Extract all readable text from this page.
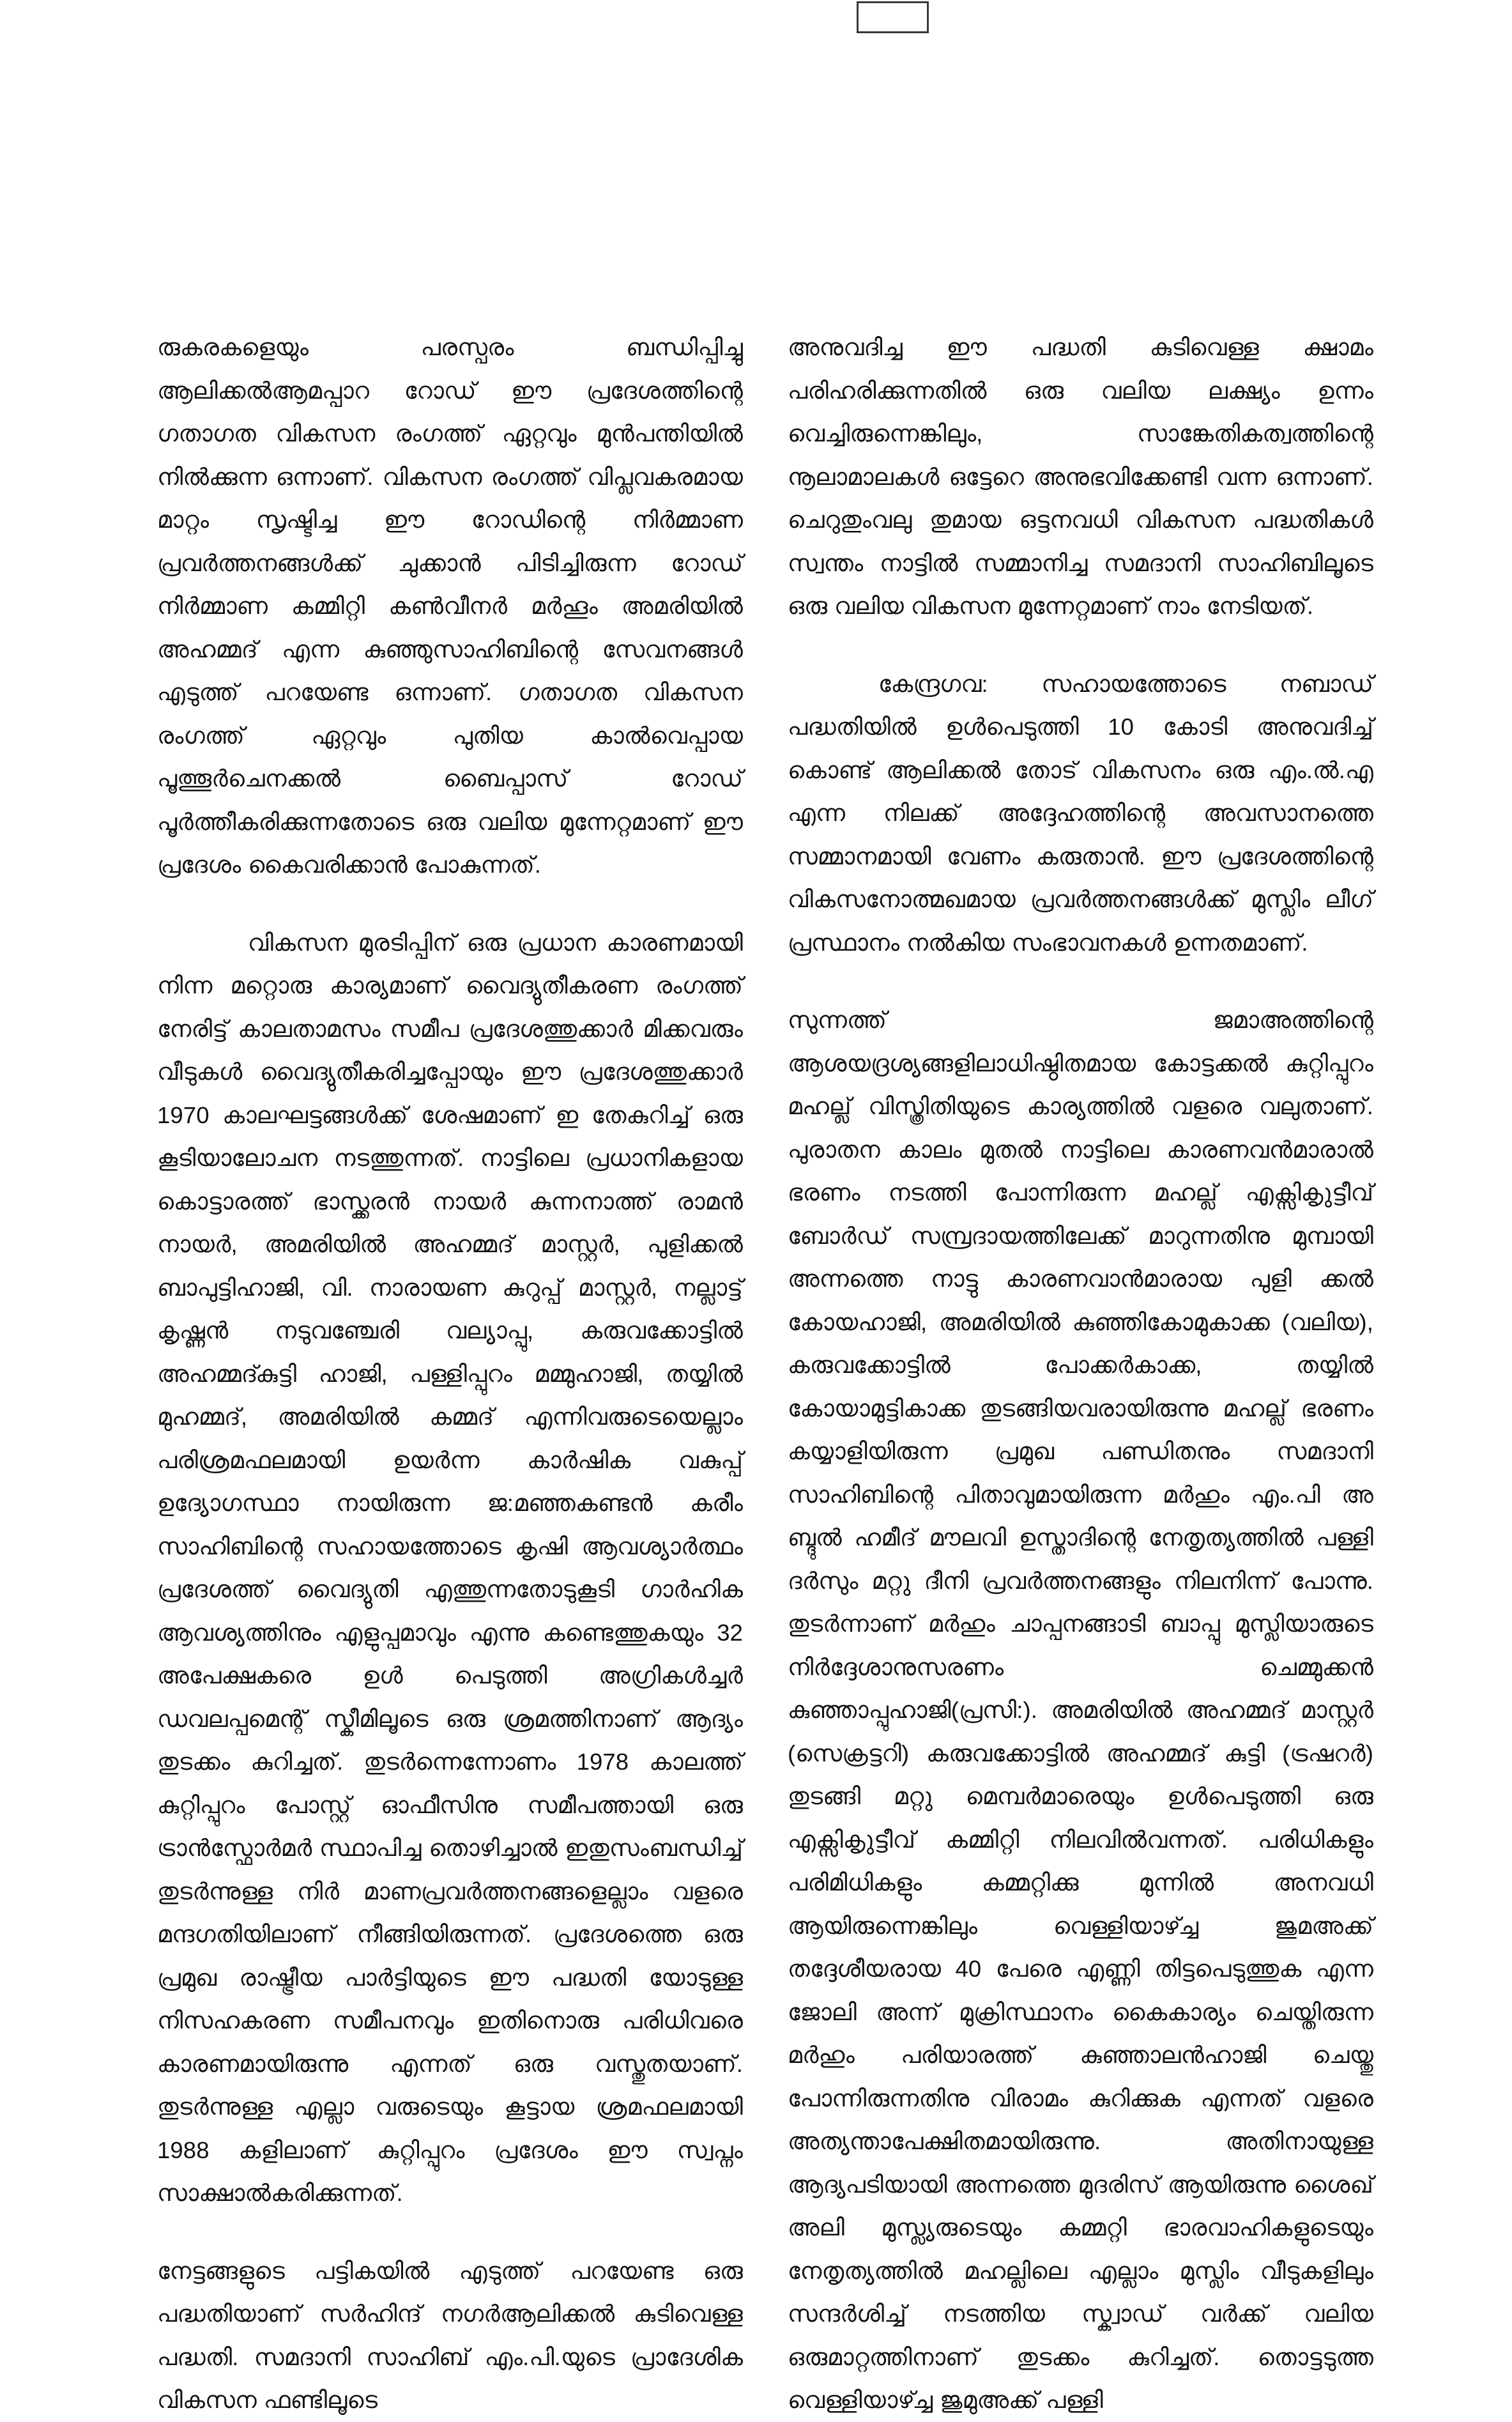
രുകരകളെയും പരസ്പരം ബന്ധിപ്പിച്ചു ആലിക്കൽആമപ്പാറ റോഡ് ഈ പ്രദേശത്തിന്റെ ഗതാഗത വികസന രംഗത്ത് ഏറ്റവും മുൻപന്തിയിൽ നിൽക്കുന്ന ഒന്നാണ്. വികസന രംഗത്ത് വിപ്ലവകരമായ മാറ്റം സൃഷ്ടിച്ച ഈ റോഡിന്റെ നിർമ്മാണ പ്രവർത്തനങ്ങൾക്ക് ചുക്കാൻ പിടിച്ചിരുന്ന റോഡ് നിർമ്മാണ കമ്മിറ്റി കൺവീനർ മർഹൂം അമരിയിൽ അഹമ്മദ് എന്ന കുഞ്ഞുസാഹിബിന്റെ സേവനങ്ങൾ എടുത്ത് പറയേണ്ട ഒന്നാണ്. ഗതാഗത വികസന രംഗത്ത് ഏറ്റവും പുതിയ കാൽവെപ്പായ പൂത്തൂർചെനക്കൽ ബൈപ്പാസ് റോഡ് പൂർത്തീകരിക്കുന്നതോടെ ഒരു വലിയ മുന്നേറ്റമാണ് ഈ പ്രദേശം കൈവരിക്കാൻ പോകുന്നത്.

വികസന മുരടിപ്പിന് ഒരു പ്രധാന കാരണമായി നിന്ന മറ്റൊരു കാര്യമാണ് വൈദ്യുതീകരണ രംഗത്ത് നേരിട്ട് കാലതാമസം സമീപ പ്രദേശത്തുക്കാർ മിക്കവരും വീടുകൾ വൈദ്യുതീകരിച്ചപ്പോയും ഈ പ്രദേശത്തുക്കാർ 1970 കാലഘട്ടങ്ങൾക്ക് ശേഷമാണ് ഇ തേകുറിച്ച് ഒരു കൂടിയാലോചന നടത്തുന്നത്. നാട്ടിലെ പ്രധാനികളായ കൊട്ടാരത്ത് ഭാസ്ക്കരൻ നായർ കുന്നനാത്ത് രാമൻ നായർ, അമരിയിൽ അഹമ്മദ് മാസ്റ്റർ, പുളിക്കൽ ബാപുട്ടിഹാജി, വി. നാരായണ കുറുപ്പ് മാസ്റ്റർ, നല്ലാട്ട് കൃഷ്ണൻ നടുവഞ്ചേരി വല്യാപ്പു, കരുവക്കോട്ടിൽ അഹമ്മദ്കുട്ടി ഹാജി, പള്ളിപ്പുറം മമ്മുഹാജി, തയ്യിൽ മുഹമ്മദ്, അമരിയിൽ കമ്മദ് എന്നിവരുടെയെല്ലാം പരിശ്രമഫലമായി ഉയർന്ന കാർഷിക വകുപ്പ് ഉദ്യോഗസ്ഥാ നായിരുന്ന ജ:മഞ്ഞകണ്ടൻ കരീം സാഹിബിന്റെ സഹായത്തോടെ കൃഷി ആവശ്യാർത്ഥം പ്രദേശത്ത് വൈദ്യുതി എത്തുന്നതോടുകൂടി ഗാർഹിക ആവശ്യത്തിനും എളുപ്പമാവും എന്നു കണ്ടെത്തുകയും 32 അപേക്ഷകരെ ഉൾ പെടുത്തി അഗ്രികൾച്ചർ ഡവലപ്പമെന്റ് സ്കീമിലൂടെ ഒരു ശ്രമത്തിനാണ് ആദ്യം തുടക്കം കുറിച്ചത്. തുടർന്നെന്നോണം 1978 കാലത്ത് കുറ്റിപ്പുറം പോസ്റ്റ് ഓഫീസിനു സമീപത്തായി ഒരു ട്രാൻസ്ഫോർമർ സ്ഥാപിച്ച തൊഴിച്ചാൽ ഇതുസംബന്ധിച്ച് തുടർന്നുള്ള നിർ മാണപ്രവർത്തനങ്ങളെല്ലാം വളരെ മന്ദഗതിയിലാണ് നീങ്ങിയിരുന്നത്. പ്രദേശത്തെ ഒരു പ്രമുഖ രാഷ്ട്രീയ പാർട്ടിയുടെ ഈ പദ്ധതി യോടുള്ള നിസഹകരണ സമീപനവും ഇതിനൊരു പരിധിവരെ കാരണമായിരുന്നു എന്നത് ഒരു വസ്തുതയാണ്. തുടർന്നുള്ള എല്ലാ വരുടെയും കൂട്ടായ ശ്രമഫലമായി 1988 കളിലാണ് കുറ്റിപ്പുറം പ്രദേശം ഈ സ്വപ്നം സാക്ഷാൽകരിക്കുന്നത്.

നേട്ടങ്ങളുടെ പട്ടികയിൽ എടുത്ത് പറയേണ്ട ഒരു പദ്ധതിയാണ് സർഹിന്ദ് നഗർആലിക്കൽ കുടിവെള്ള പദ്ധതി. സമദാനി സാഹിബ് എം.പി.യുടെ പ്രാദേശിക വികസന ഫണ്ടിലൂടെ

അനുവദിച്ച ഈ പദ്ധതി കുടിവെള്ള ക്ഷാമം പരിഹരിക്കുന്നതിൽ ഒരു വലിയ ലക്ഷ്യം ഉന്നം വെച്ചിരുന്നെങ്കിലും, സാങ്കേതികത്വത്തിന്റെ നൂലാമാലകൾ ഒട്ടേറെ അനുഭവിക്കേണ്ടി വന്ന ഒന്നാണ്. ചെറുതുംവലു തുമായ ഒട്ടനവധി വികസന പദ്ധതികൾ സ്വന്തം നാട്ടിൽ സമ്മാനിച്ച സമദാനി സാഹിബിലൂടെ ഒരു വലിയ വികസന മുന്നേറ്റമാണ് നാം നേടിയത്.

കേന്ദ്രഗവ: സഹായത്തോടെ നബാഡ് പദ്ധതിയിൽ ഉൾപെടുത്തി 10 കോടി അനുവദിച്ച് കൊണ്ട് ആലിക്കൽ തോട് വികസനം ഒരു എം.ൽ.എ എന്ന നിലക്ക് അദ്ദേഹത്തിന്റെ അവസാനത്തെ സമ്മാനമായി വേണം കരുതാൻ. ഈ പ്രദേശത്തിന്റെ വികസനോത്മഖമായ പ്രവർത്തനങ്ങൾക്ക് മുസ്ലിം ലീഗ് പ്രസ്ഥാനം നൽകിയ സംഭാവനകൾ ഉന്നതമാണ്.

സുന്നത്ത് ജമാഅത്തിന്റെ ആശയദ്രശ്യങ്ങളിലാധിഷ്ഠിതമായ കോട്ടക്കൽ കുറ്റിപ്പുറം മഹല്ല് വിസ്ത്രിതിയുടെ കാര്യത്തിൽ വളരെ വലുതാണ്. പുരാതന കാലം മുതൽ നാട്ടിലെ കാരണവൻമാരാൽ ഭരണം നടത്തി പോന്നിരുന്ന മഹല്ല് എക്സികൃുട്ടീവ് ബോർഡ് സമ്പ്രദായത്തിലേക്ക് മാറുന്നതിനു മുമ്പായി അന്നത്തെ നാട്ടു കാരണവാൻമാരായ പുളി ക്കൽ കോയഹാജി, അമരിയിൽ കുഞ്ഞികോമുകാക്ക (വലിയ), കരുവക്കോട്ടിൽ പോക്കർകാക്ക, തയ്യിൽ കോയാമുട്ടികാക്ക തുടങ്ങിയവരായിരുന്നു മഹല്ല് ഭരണം കയ്യാളിയിരുന്ന പ്രമുഖ പണ്ഡിതനും സമദാനി സാഹിബിന്റെ പിതാവുമായിരുന്ന മർഹും എം.പി അ ബ്ദുൽ ഹമീദ് മൗലവി ഉസ്താദിന്റെ നേതൃത്യത്തിൽ പള്ളി ദർസും മറ്റു ദീനി പ്രവർത്തനങ്ങളും നിലനിന്ന് പോന്നു. തുടർന്നാണ് മർഹും ചാപ്പനങ്ങാടി ബാപ്പു മുസ്ലിയാരുടെ നിർദ്ദേശാനുസരണം ചെമ്മുക്കൻ കുഞ്ഞാപ്പുഹാജി(പ്രസി:). അമരിയിൽ അഹമ്മദ് മാസ്റ്റർ (സെക്രട്ടറി) കരുവക്കോട്ടിൽ അഹമ്മദ് കുട്ടി (ട്രഷറർ) തുടങ്ങി മറ്റു മെമ്പർമാരെയും ഉൾപെടുത്തി ഒരു എക്സികൃുട്ടീവ് കമ്മിറ്റി നിലവിൽവന്നത്. പരിധികളും പരിമിധികളും കമ്മറ്റിക്കു മുന്നിൽ അനവധി ആയിരുന്നെങ്കിലും വെള്ളിയാഴ്ച്ച ജുമഅക്ക് തദ്ദേശീയരായ 40 പേരെ എണ്ണി തിട്ടപെടുത്തുക എന്ന ജോലി അന്ന് മുക്രിസ്ഥാനം കൈകാര്യം ചെയ്തിരുന്ന മർഹും പരിയാരത്ത് കുഞ്ഞാലൻഹാജി ചെയ്തു പോന്നിരുന്നതിനു വിരാമം കുറിക്കുക എന്നത് വളരെ അത്യന്താപേക്ഷിതമായിരുന്നു. അതിനായുള്ള ആദ്യപടിയായി അന്നത്തെ മുദരിസ് ആയിരുന്നു ശൈഖ് അലി മുസ്ല്യരുടെയും കമ്മറ്റി ഭാരവാഹികളുടെയും നേതൃത്യത്തിൽ മഹല്ലിലെ എല്ലാം മുസ്ലിം വീടുകളിലും സന്ദർശിച്ച് നടത്തിയ സ്ക്വാഡ് വർക്ക് വലിയ ഒരുമാറ്റത്തിനാണ് തുടക്കം കുറിച്ചത്. തൊട്ടടുത്ത വെള്ളിയാഴ്ച്ച ജുമുഅക്ക് പള്ളി
